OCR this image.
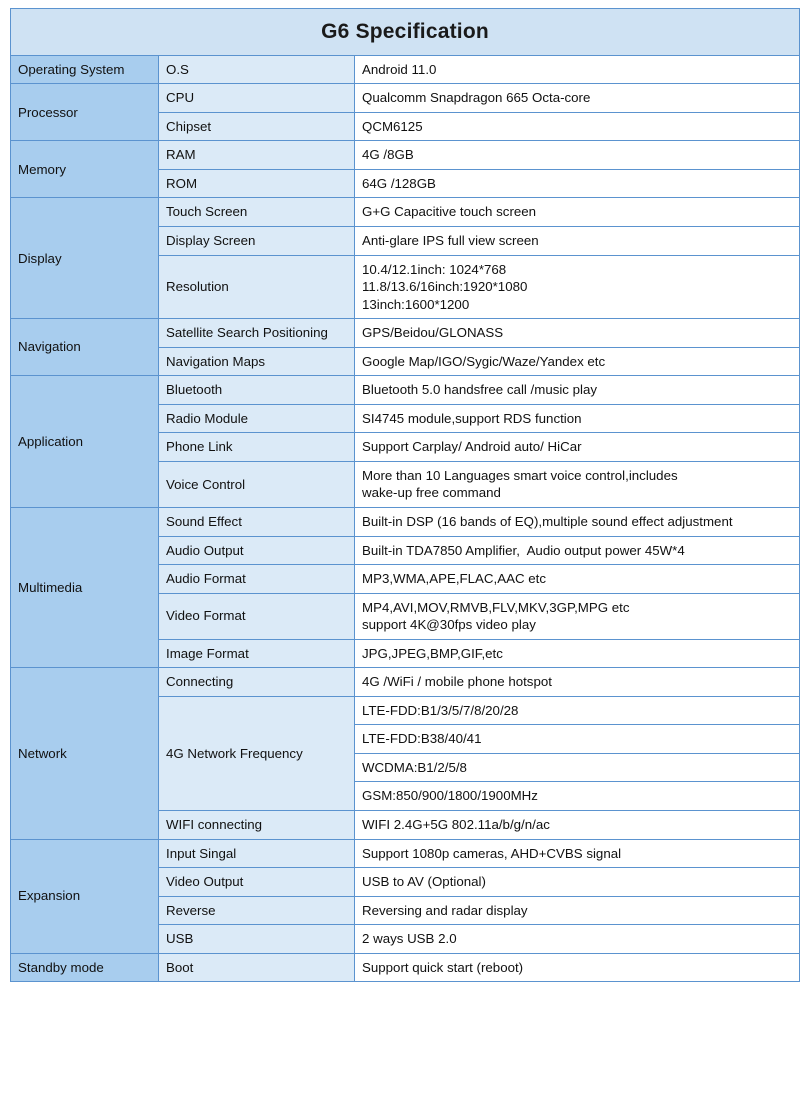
G6 Specification		
Operating System	O.S	Android 11.0

Processor	CPU	Qualcomm Snapdragon 665 Octa-core

	Chipset	QCM6125

Memory	RAM	4G /8GB

	ROM	64G /128GB

Display	Touch Screen	G+G Capacitive touch screen

	Display Screen	Anti-glare IPS full view screen

	Resolution	10.4/12.1inch: 1024*768
11.8/13.6/16inch:1920*1080
13inch:1600*1200

Navigation	Satellite Search Positioning	GPS/Beidou/GLONASS

	Navigation Maps	Google Map/IGO/Sygic/Waze/Yandex etc

Application	Bluetooth	Bluetooth 5.0 handsfree call /music play

	Radio Module	SI4745 module,support RDS function

	Phone Link	Support Carplay/ Android auto/ HiCar

	Voice Control	More than 10 Languages smart voice control,includes
wake-up free command

Multimedia	Sound Effect	Built-in DSP (16 bands of EQ),multiple sound effect adjustment

	Audio Output	Built-in TDA7850 Amplifier,  Audio output power 45W*4

	Audio Format	MP3,WMA,APE,FLAC,AAC etc

	Video Format	MP4,AVI,MOV,RMVB,FLV,MKV,3GP,MPG etc
support 4K@30fps video play

	Image Format	JPG,JPEG,BMP,GIF,etc

Network	Connecting	4G /WiFi / mobile phone hotspot

	4G Network Frequency	LTE-FDD:B1/3/5/7/8/20/28

		LTE-FDD:B38/40/41

		WCDMA:B1/2/5/8

		GSM:850/900/1800/1900MHz

	WIFI connecting	WIFI 2.4G+5G 802.11a/b/g/n/ac

Expansion	Input Singal	Support 1080p cameras, AHD+CVBS signal

	Video Output	USB to AV (Optional)

	Reverse	Reversing and radar display

	USB	2 ways USB 2.0

Standby mode	Boot	Support quick start (reboot)
